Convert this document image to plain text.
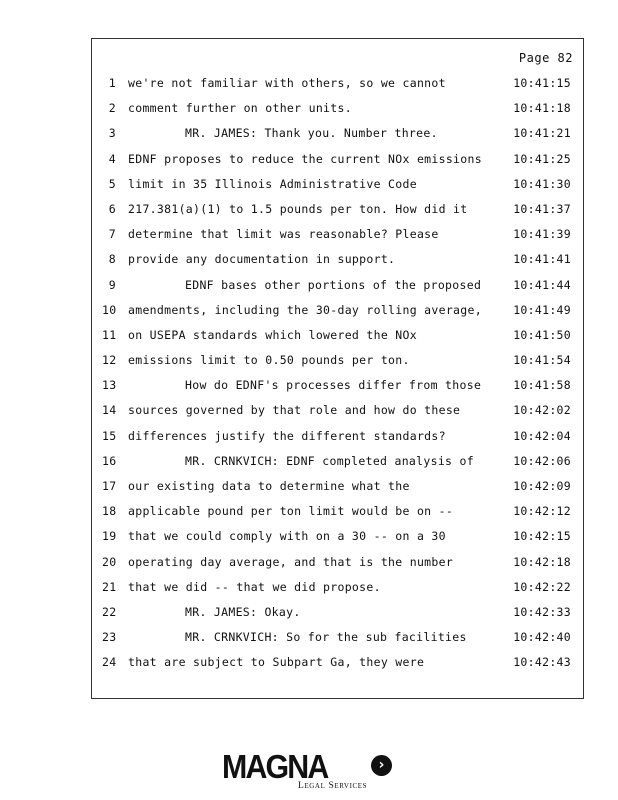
Page 82
1 we're not familiar with others, so we cannot	10:41:15
2 comment further on other units.	10:41:18
3	MR. JAMES: Thank you. Number three.	10:41:21
4 EDNF proposes to reduce the current NOx emissions	10:41:25
5 limit in 35 Illinois Administrative Code	10:41:30
6 217.381(a)(1) to 1.5 pounds per ton. How did it	10:41:37
7 determine that limit was reasonable? Please	10:41:39
8 provide any documentation in support.	10:41:41
9	EDNF bases other portions of the proposed	10:41:44
10 amendments, including the 30-day rolling average,	10:41:49
11 on USEPA standards which lowered the NOx	10:41:50
12 emissions limit to 0.50 pounds per ton.	10:41:54
13	How do EDNF's processes differ from those	10:41:58
14 sources governed by that role and how do these	10:42:02
15 differences justify the different standards?	10:42:04
16	MR. CRNKVICH: EDNF completed analysis of	10:42:06
17 our existing data to determine what the	10:42:09
18 applicable pound per ton limit would be on --	10:42:12
19 that we could comply with on a 30 -- on a 30	10:42:15
20 operating day average, and that is the number	10:42:18
21 that we did -- that we did propose.	10:42:22
22	MR. JAMES: Okay.	10:42:33
23	MR. CRNKVICH: So for the sub facilities	10:42:40
24 that are subject to Subpart Ga, they were	10:42:43
MAGNA	›
Legal Services
